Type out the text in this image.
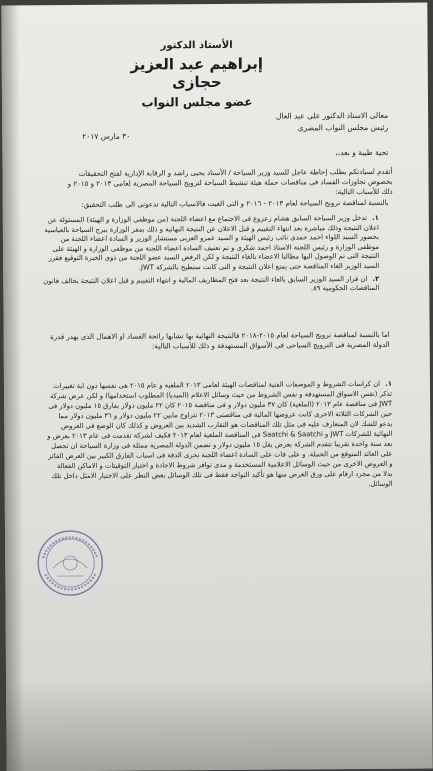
الأستاذ الدكتور
إبراهيم عبد العزيز حجازى
عضو مجلس النواب
معالى الاستاذ الدكتور على عبد العال
رئيس مجلس النواب المصرى
٣٠ مارس ٢٠١٧
تحية طيبة و بعد،،
أتقدم لسيادتكم بطلب إحاطة عاجل للسيد وزير السياحة / الأستاذ يحيى راشد و الرقابة الإدارية لفتح التحقيقات بخصوص تجاوزات الفساد فى مناقصات حملة هيئة تنشيط السياحة لترويج السياحة المصرية لعامى ٢٠١٣ و ٢٠١٥ و ذلك للأسباب التالية:
بالنسبة لمناقصة ترويج السياحة لعام ٢٠١٣ - ٢٠١٦ و التى الغيت فالاسباب التالية تدعونى الى طلب التحقيق:
١. تدخل وزير السياحة السابق هشام زعزوع فى الاجتماع مع اعضاء اللجنة (من موظفى الوزارة و الهيئة) المسئولة عن اعلان النتيجة وذلك مباشرة بعد انتهاء التقييم و قبل الاعلان عن النتيجة النهائية و ذلك بمقر الوزارة ببرج السياحة بالعباسية بحضور السيد اللواء احمد حمدى نائب رئيس الهيئة و السيد عمرو العزبى مستشار الوزير و السادة اعضاء اللجنة من موظفى الوزارة و رئيس اللجنة الاستاذ احمد شكرى و تم تعنيف السادة اعضاء اللجنة من موظفى الوزارة و الهيئة على النتيجة التى تم الوصول اليها مطالبا الاعضاء بالغاء النتيجة و لكن الرفض السيد عضو اللجنة من ذوى الخبرة التوقيع فقرر السيد الوزير الغاء المناقصة حتى يمنع اعلان النتيجة و التى كانت ستطيح بالشركة JWT.
٢. ان قرار السيد الوزير السابق بالغاء النتيجة بعد فتح المظاريف المالية و انتهاء التقييم و قبل اعلان النتيجة يخالف قانون المناقصات الحكومية ٨٩.
اما بالنسبة لمناقصة ترويج السياحة لعام ٢٠١٥-٢٠١٨ فالنتيجة النهائية بها تشابها رائحة الفساد او الاهمال الذى يهدر قدرة الدولة المصرية فى الترويج السياحى فى الأسواق المستهدفة و ذلك للأسباب التالية:
١. ان كراسات الشروط و الموصفات الفنية لمناقصات الهيئة لعامى ٢٠١٣ الملغية و عام ٢٠١٥ هى نفسها دون اية تغييرات تذكر (نفس الاسواق المستهدفة و نفس الشروط من حيث وسائل الاعلام (الميديا) المطلوب استخدامها) و لكن عرض شركة JWT فى مناقصة عام ٢٠١٣ (الملغية) كان ٣٧ مليون دولار و فى مناقصة ٢٠١٥ كان ٢٢ مليون دولار بفارق ١٥ مليون دولار فى حين الشركات الثلاثة الاخرى كانت عروضها المالية فى مناقصتى ٢٠١٣ تتراوح مابين ٢٢ مليون دولار و ٣٦ مليون دولار مما يدعو للشك لان المتعارف عليه فى مثل تلك المناقصات هو التقارب الشديد بين العروض و كذلك كان الوضع فى العروض النهائية للشركات JWT و Saatchi & Saatchi فى المناقصة الملغية لعام ٢٠١٣ فكيف لشركة تقدمت فى عام ٢٠١٣ بعرض و بعد سنة واحدة تقريبا تتقدم الشركة بعرض يقل ١٥ مليون دولار و تضمن الدولة المصرية ممثلة فى وزارة السياحة ان تحصل على العائد المتوقع من الحملة. و على فات على السادة اعضاء اللجنة تحرى الدقة فى اسباب الفارق الكبير بين العرض الفائز و العروض الاخرى من حيث الوسائل الاعلامية المستخدمة و مدى توافر شروط الاجادة و اختيار التوقيتات و الاماكن الفعالة بدلا من مجرد ارقام على ورق الغرض منها هو تأكيد التواجد فقط فى تلك الوسائل بغض النظر على الاختيار الامثل داخل تلك الوسائل.
